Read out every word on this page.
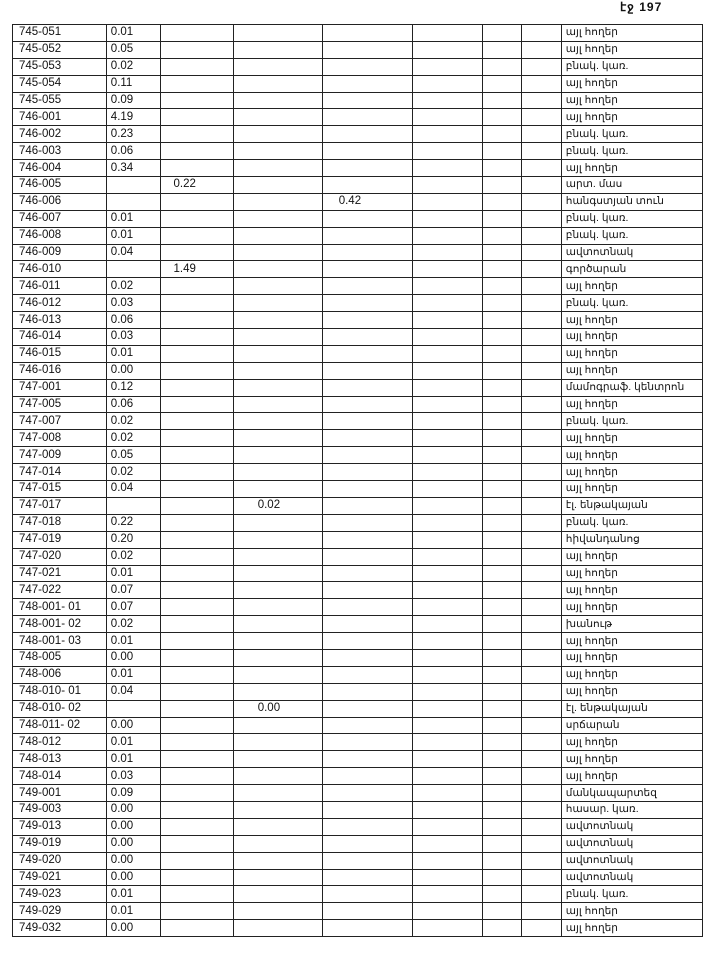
էջ 197
745-051	0.01							այլ հողեր
745-052	0.05							այլ հողեր
745-053	0.02							բնակ. կառ.
745-054	0.11							այլ հողեր
745-055	0.09							այլ հողեր
746-001	4.19							այլ հողեր
746-002	0.23							բնակ. կառ.
746-003	0.06							բնակ. կառ.
746-004	0.34							այլ հողեր
746-005		0.22						արտ. մաս
746-006				0.42				հանգստյան տուն
746-007	0.01							բնակ. կառ.
746-008	0.01							բնակ. կառ.
746-009	0.04							ավտոտնակ
746-010		1.49						գործարան
746-011	0.02							այլ հողեր
746-012	0.03							բնակ. կառ.
746-013	0.06							այլ հողեր
746-014	0.03							այլ հողեր
746-015	0.01							այլ հողեր
746-016	0.00							այլ հողեր
747-001	0.12							մամոգրաֆ. կենտրոն
747-005	0.06							այլ հողեր
747-007	0.02							բնակ. կառ.
747-008	0.02							այլ հողեր
747-009	0.05							այլ հողեր
747-014	0.02							այլ հողեր
747-015	0.04							այլ հողեր
747-017			0.02					էլ. ենթակայան
747-018	0.22							բնակ. կառ.
747-019	0.20							հիվանդանոց
747-020	0.02							այլ հողեր
747-021	0.01							այլ հողեր
747-022	0.07							այլ հողեր
748-001- 01	0.07							այլ հողեր
748-001- 02	0.02							խանութ
748-001- 03	0.01							այլ հողեր
748-005	0.00							այլ հողեր
748-006	0.01							այլ հողեր
748-010- 01	0.04							այլ հողեր
748-010- 02			0.00					էլ. ենթակայան
748-011- 02	0.00							սրճարան
748-012	0.01							այլ հողեր
748-013	0.01							այլ հողեր
748-014	0.03							այլ հողեր
749-001	0.09							մանկապարտեզ
749-003	0.00							հասար. կառ.
749-013	0.00							ավտոտնակ
749-019	0.00							ավտոտնակ
749-020	0.00							ավտոտնակ
749-021	0.00							ավտոտնակ
749-023	0.01							բնակ. կառ.
749-029	0.01							այլ հողեր
749-032	0.00							այլ հողեր
